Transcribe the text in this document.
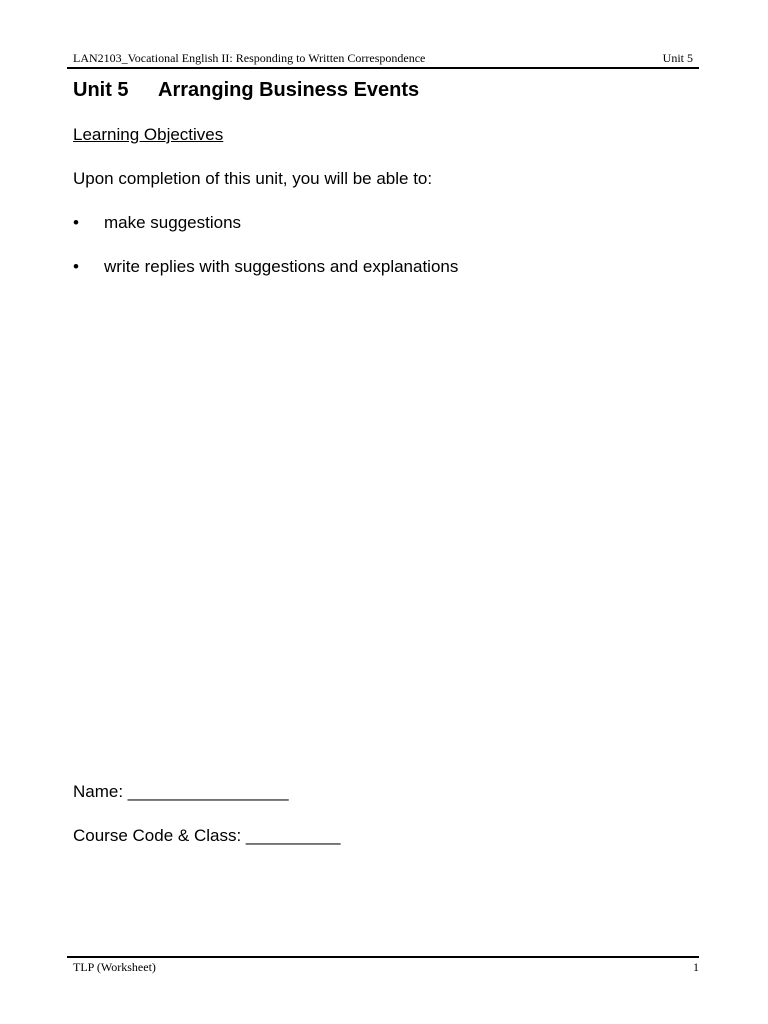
LAN2103_Vocational English II: Responding to Written Correspondence	Unit 5
Unit 5 Arranging Business Events
Learning Objectives
Upon completion of this unit, you will be able to:
• make suggestions
• write replies with suggestions and explanations
Name: _________________
Course Code & Class: __________
TLP (Worksheet)	1
